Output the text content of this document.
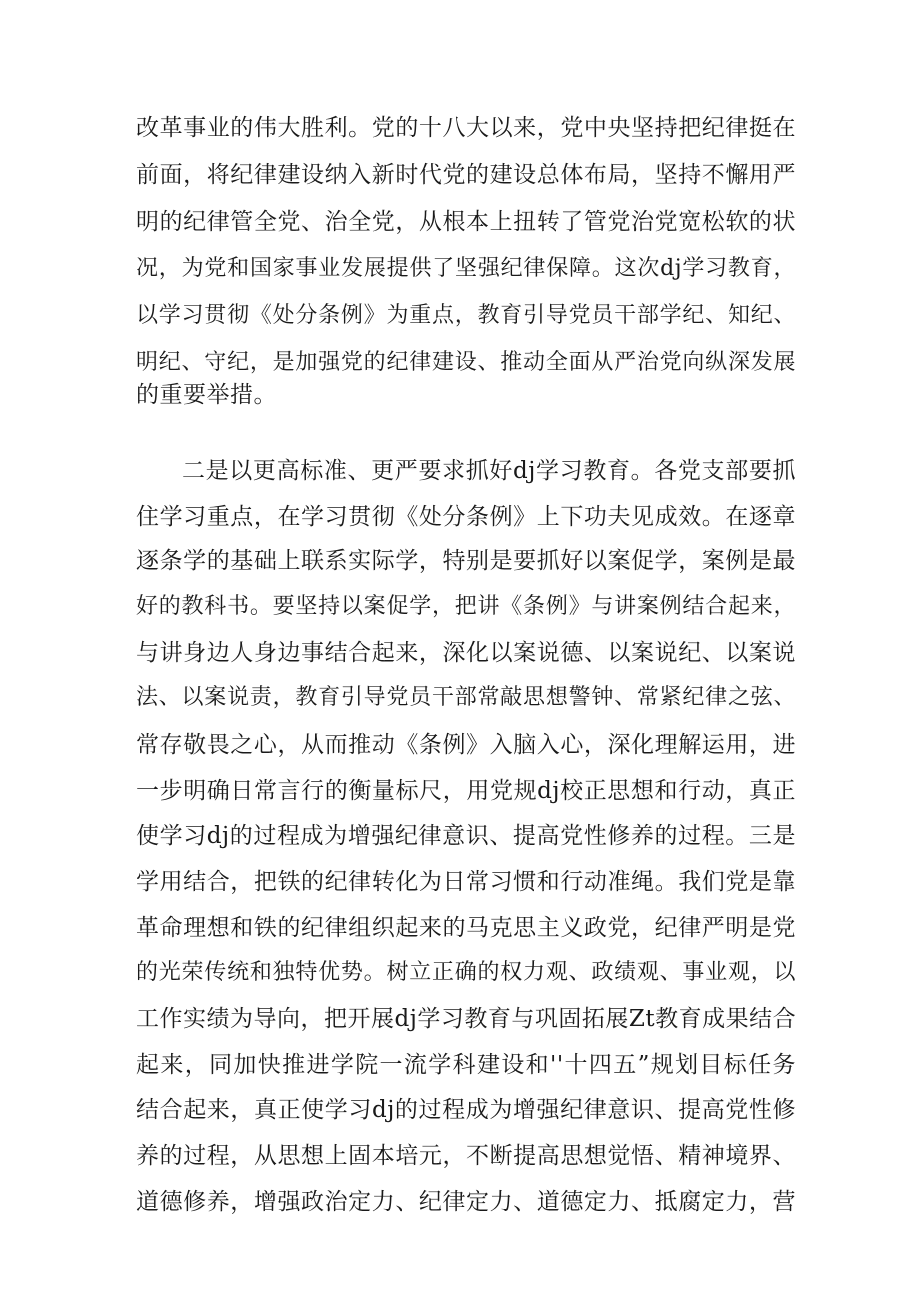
改革事业的伟大胜利。党的十八大以来，党中央坚持把纪律挺在
前面，将纪律建设纳入新时代党的建设总体布局，坚持不懈用严
明的纪律管全党、治全党，从根本上扭转了管党治党宽松软的状
况，为党和国家事业发展提供了坚强纪律保障。这次dj学习教育，
以学习贯彻《处分条例》为重点，教育引导党员干部学纪、知纪、
明纪、守纪，是加强党的纪律建设、推动全面从严治党向纵深发展
的重要举措。
二是以更高标准、更严要求抓好dj学习教育。各党支部要抓
住学习重点，在学习贯彻《处分条例》上下功夫见成效。在逐章
逐条学的基础上联系实际学，特别是要抓好以案促学，案例是最
好的教科书。要坚持以案促学，把讲《条例》与讲案例结合起来，
与讲身边人身边事结合起来，深化以案说德、以案说纪、以案说
法、以案说责，教育引导党员干部常敲思想警钟、常紧纪律之弦、
常存敬畏之心，从而推动《条例》入脑入心，深化理解运用，进
一步明确日常言行的衡量标尺，用党规dj校正思想和行动，真正
使学习dj的过程成为增强纪律意识、提高党性修养的过程。三是
学用结合，把铁的纪律转化为日常习惯和行动准绳。我们党是靠
革命理想和铁的纪律组织起来的马克思主义政党，纪律严明是党
的光荣传统和独特优势。树立正确的权力观、政绩观、事业观，以
工作实绩为导向，把开展dj学习教育与巩固拓展Zt教育成果结合
起来，同加快推进学院一流学科建设和''十四五”规划目标任务
结合起来，真正使学习dj的过程成为增强纪律意识、提高党性修
养的过程，从思想上固本培元，不断提高思想觉悟、精神境界、
道德修养，增强政治定力、纪律定力、道德定力、抵腐定力，营
